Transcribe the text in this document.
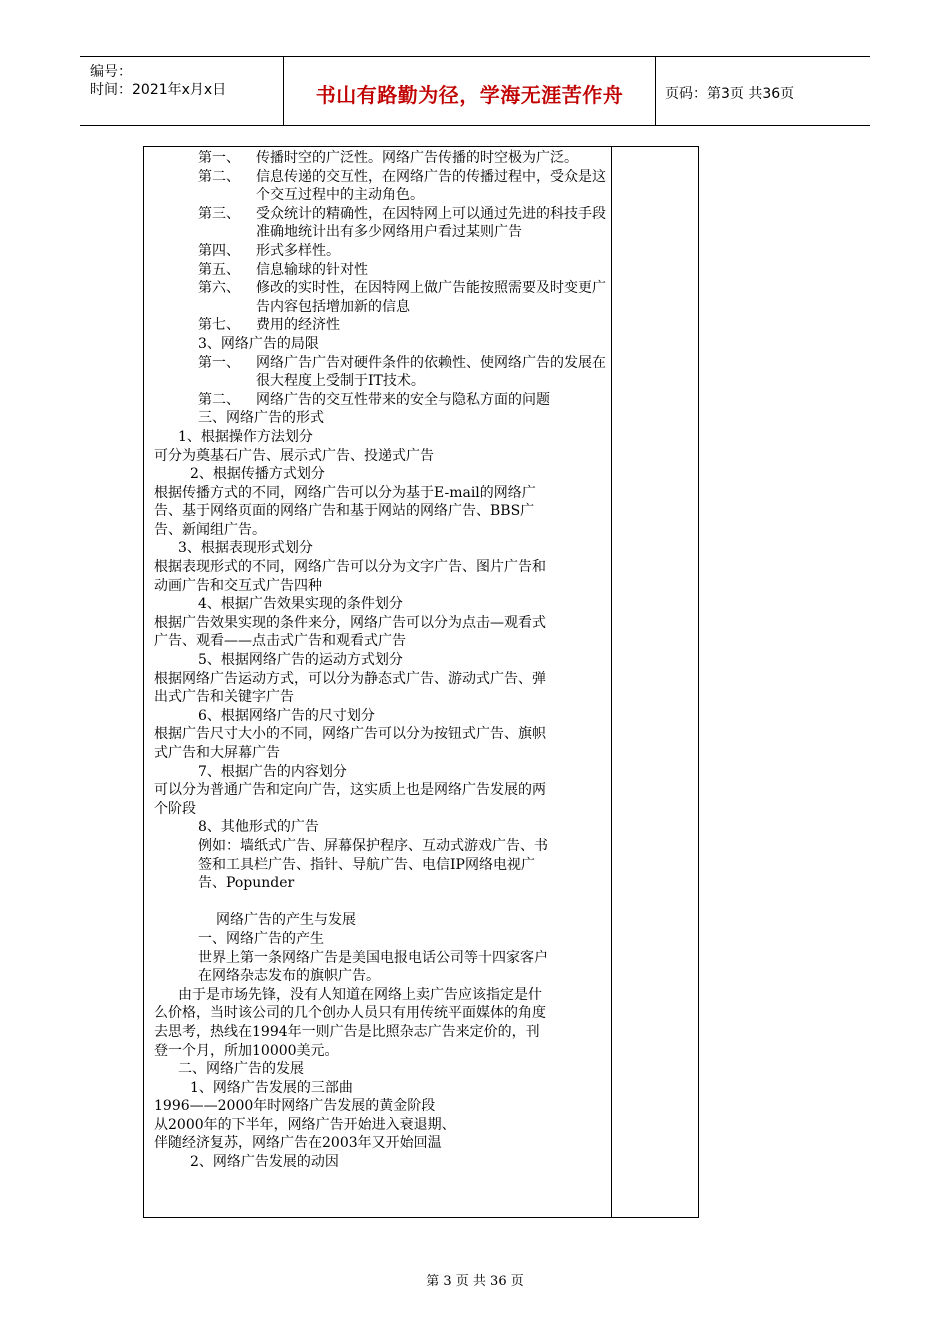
编号：
时间：2021年x月x日	书山有路勤为径，学海无涯苦作舟	页码：第3页 共36页
第一、	传播时空的广泛性。网络广告传播的时空极为广泛。
第二、	信息传递的交互性，在网络广告的传播过程中，受众是这个交互过程中的主动角色。
第三、	受众统计的精确性，在因特网上可以通过先进的科技手段准确地统计出有多少网络用户看过某则广告
第四、	形式多样性。
第五、	信息输球的针对性
第六、	修改的实时性，在因特网上做广告能按照需要及时变更广告内容包括增加新的信息
第七、	费用的经济性
3、网络广告的局限
第一、	网络广告广告对硬件条件的依赖性、使网络广告的发展在很大程度上受制于IT技术。
第二、	网络广告的交互性带来的安全与隐私方面的问题
三、网络广告的形式
1、根据操作方法划分
可分为奠基石广告、展示式广告、投递式广告
2、根据传播方式划分
根据传播方式的不同，网络广告可以分为基于E-mail的网络广
告、基于网络页面的网络广告和基于网站的网络广告、BBS广
告、新闻组广告。
3、根据表现形式划分
根据表现形式的不同，网络广告可以分为文字广告、图片广告和
动画广告和交互式广告四种
4、根据广告效果实现的条件划分
根据广告效果实现的条件来分，网络广告可以分为点击—观看式
广告、观看——点击式广告和观看式广告
5、根据网络广告的运动方式划分
根据网络广告运动方式，可以分为静态式广告、游动式广告、弹
出式广告和关键字广告
6、根据网络广告的尺寸划分
根据广告尺寸大小的不同，网络广告可以分为按钮式广告、旗帜
式广告和大屏幕广告
7、根据广告的内容划分
可以分为普通广告和定向广告，这实质上也是网络广告发展的两
个阶段
8、其他形式的广告
例如：墙纸式广告、屏幕保护程序、互动式游戏广告、书
签和工具栏广告、指针、导航广告、电信IP网络电视广
告、Popunder
网络广告的产生与发展
一、网络广告的产生
世界上第一条网络广告是美国电报电话公司等十四家客户
在网络杂志发布的旗帜广告。
由于是市场先锋，没有人知道在网络上卖广告应该指定是什
么价格，当时该公司的几个创办人员只有用传统平面媒体的角度
去思考，热线在1994年一则广告是比照杂志广告来定价的，刊
登一个月，所加10000美元。
二、网络广告的发展
1、网络广告发展的三部曲
1996——2000年时网络广告发展的黄金阶段
从2000年的下半年，网络广告开始进入衰退期、
伴随经济复苏，网络广告在2003年又开始回温
2、网络广告发展的动因
第 3 页 共 36 页
